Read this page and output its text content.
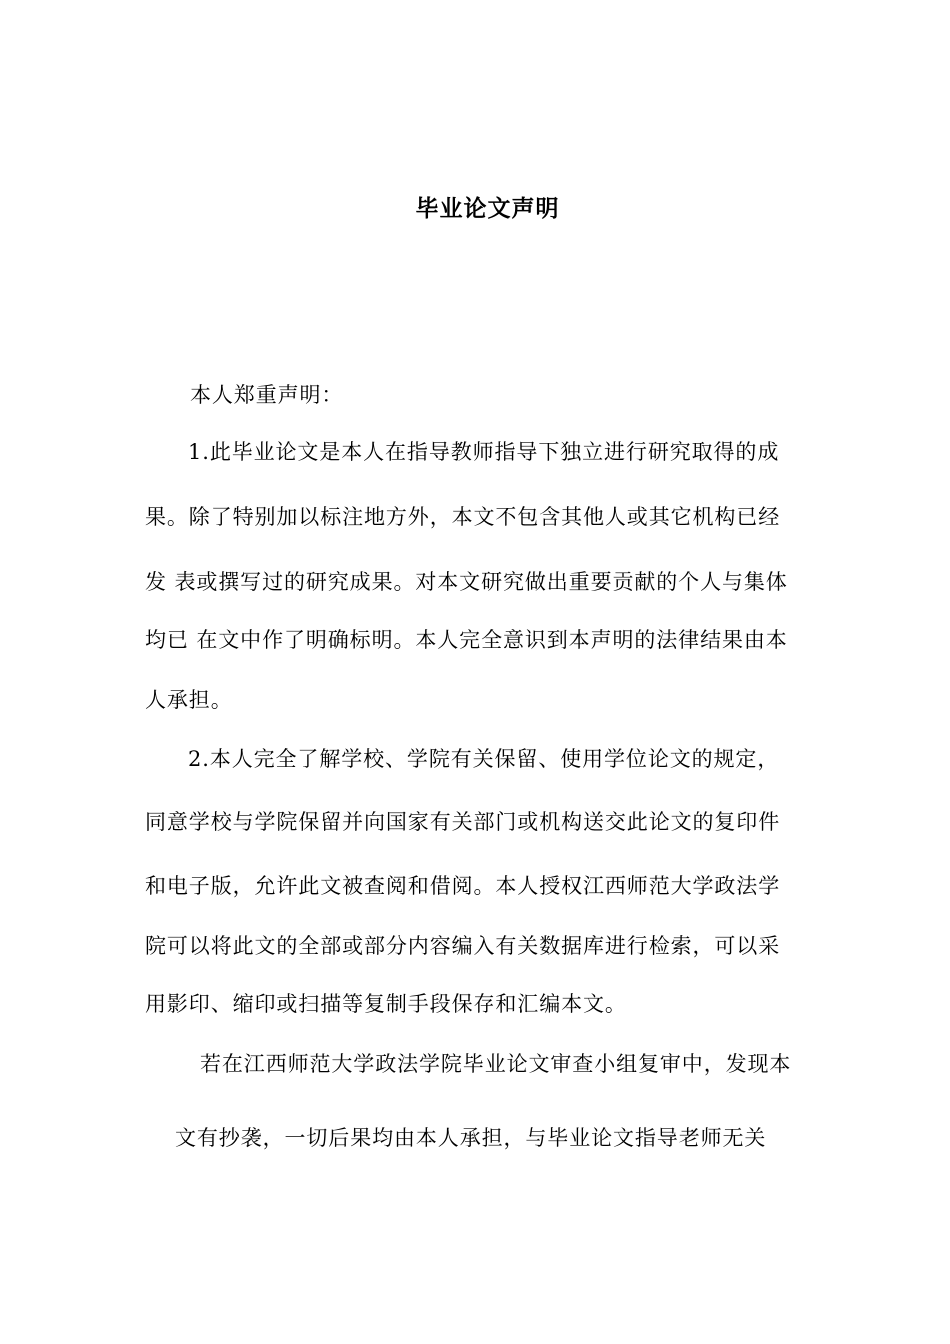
毕业论文声明
本人郑重声明：
1.此毕业论文是本人在指导教师指导下独立进行研究取得的成
果。除了特别加以标注地方外，本文不包含其他人或其它机构已经
发 表或撰写过的研究成果。对本文研究做出重要贡献的个人与集体
均已 在文中作了明确标明。本人完全意识到本声明的法律结果由本
人承担。
2.本人完全了解学校、学院有关保留、使用学位论文的规定，
同意学校与学院保留并向国家有关部门或机构送交此论文的复印件
和电子版，允许此文被查阅和借阅。本人授权江西师范大学政法学
院可以将此文的全部或部分内容编入有关数据库进行检索，可以采
用影印、缩印或扫描等复制手段保存和汇编本文。
若在江西师范大学政法学院毕业论文审查小组复审中，发现本
文有抄袭，一切后果均由本人承担，与毕业论文指导老师无关
